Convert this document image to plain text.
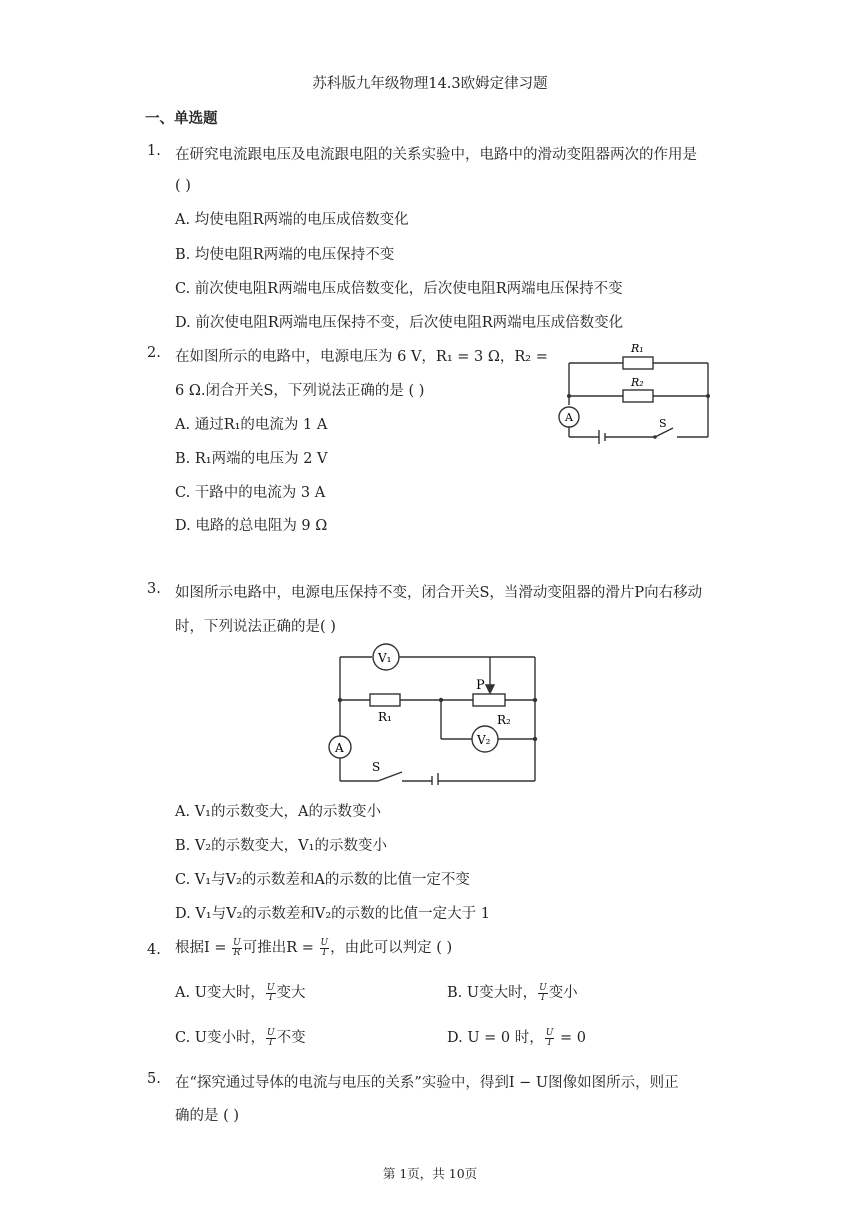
苏科版九年级物理14.3欧姆定律习题
一、单选题
1. 在研究电流跟电压及电流跟电阻的关系实验中，电路中的滑动变阻器两次的作用是
( )
A. 均使电阻R两端的电压成倍数变化
B. 均使电阻R两端的电压保持不变
C. 前次使电阻R两端电压成倍数变化，后次使电阻R两端电压保持不变
D. 前次使电阻R两端电压保持不变，后次使电阻R两端电压成倍数变化
2. 在如图所示的电路中，电源电压为 6 V，R₁ = 3 Ω，R₂ =
6 Ω.闭合开关S，下列说法正确的是 ( )
A. 通过R₁的电流为 1 A
B. R₁两端的电压为 2 V
C. 干路中的电流为 3 A
D. 电路的总电阻为 9 Ω
R₁
R₂
A	S
3. 如图所示电路中，电源电压保持不变，闭合开关S，当滑动变阻器的滑片P向右移动
时，下列说法正确的是( )
V₁
V₂
R₁	R₂
P
A
S
A. V₁的示数变大，A的示数变小
B. V₂的示数变大，V₁的示数变小
C. V₁与V₂的示数差和A的示数的比值一定不变
D. V₁与V₂的示数差和V₂的示数的比值一定大于 1
4. 根据$I = \frac{U}{R}$ 可推出$R = \frac{U}{I}$ ，由此可以判定 ( )
A. U变大时， $\frac{U}{I}$ 变大	B. U变大时， $\frac{U}{I}$ 变小
C. U变小时， $\frac{U}{I}$ 不变	D. U = 0 时， $\frac{U}{I} = 0$
5. 在“探究通过导体的电流与电压的关系”实验中，得到I − U图像如图所示，则正
确的是 ( )
第 1页，共 10页
